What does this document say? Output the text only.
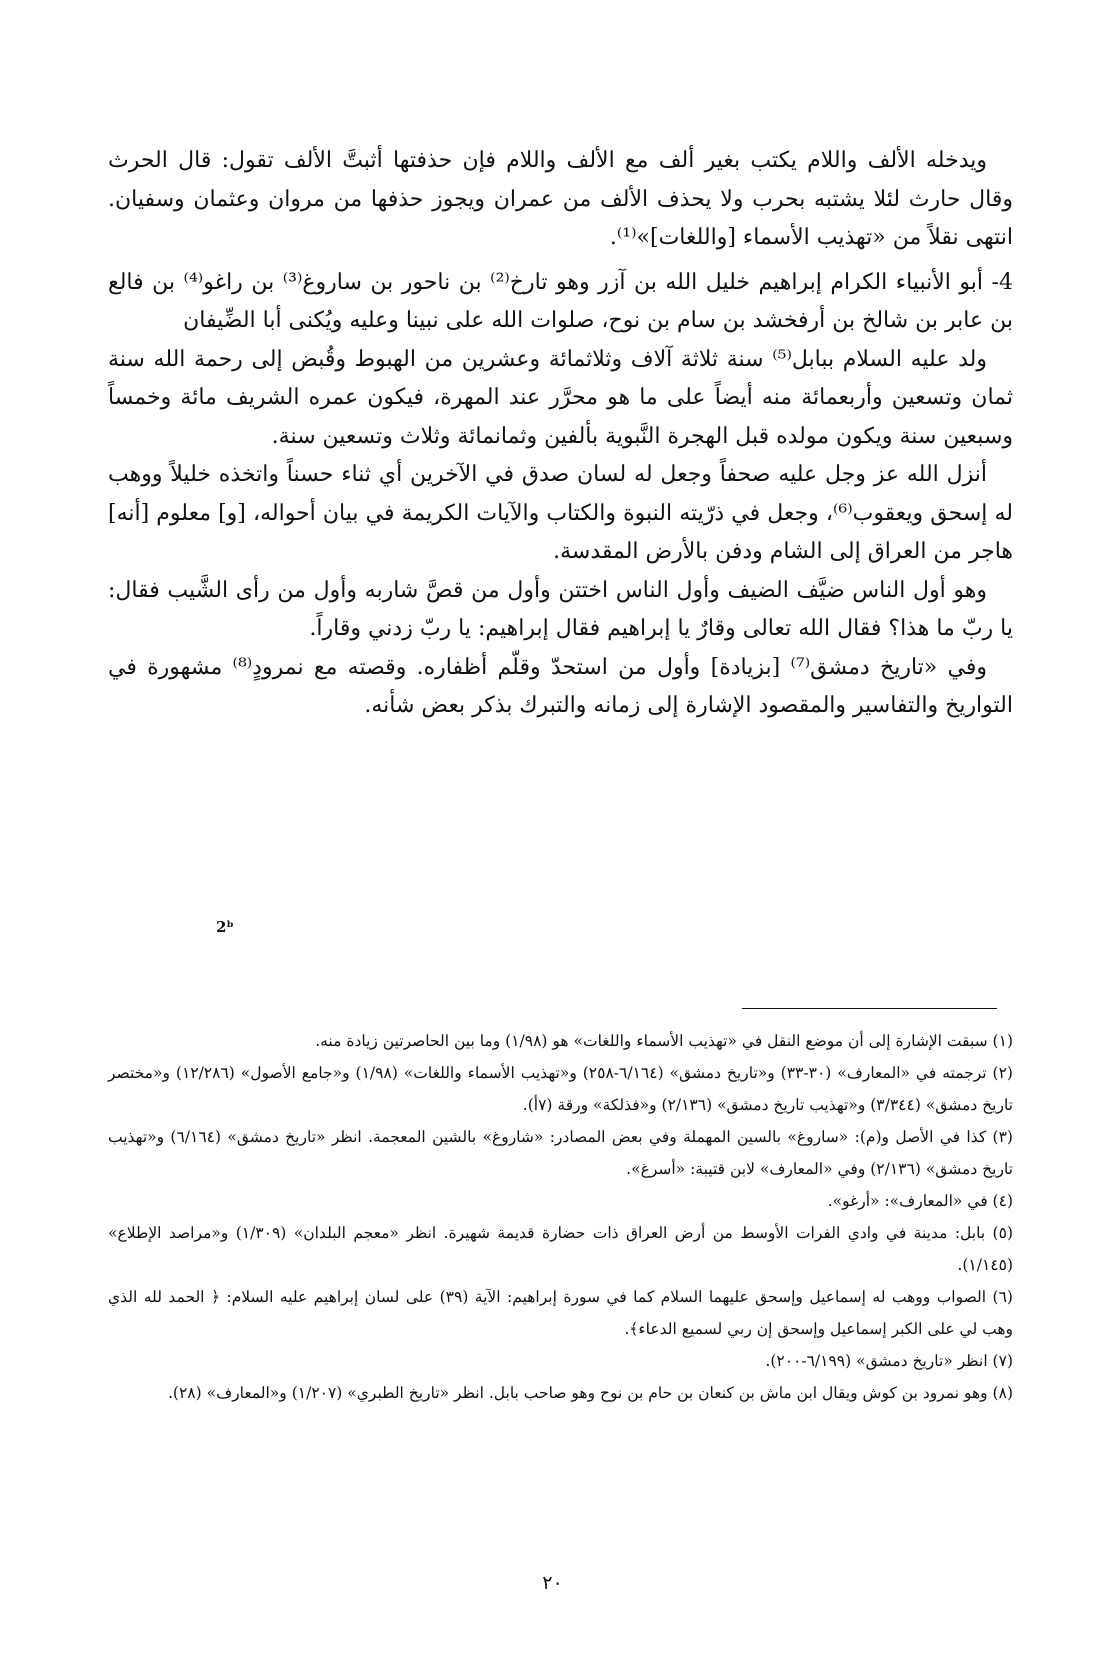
ويدخله الألف واللام يكتب بغير ألف مع الألف واللام فإن حذفتها أثبتَّ الألف تقول: قال الحرث وقال حارث لئلا يشتبه بحرب ولا يحذف الألف من عمران ويجوز حذفها من مروان وعثمان وسفيان. انتهى نقلاً من «تهذيب الأسماء [واللغات]»⁽¹⁾.

4- أبو الأنبياء الكرام إبراهيم خليل الله بن آزر وهو تارخ⁽²⁾ بن ناحور بن ساروغ⁽³⁾ بن راغو⁽⁴⁾ بن فالع بن عابر بن شالخ بن أرفخشد بن سام بن نوح، صلوات الله على نبينا وعليه ويُكنى أبا الضِّيفان

ولد عليه السلام ببابل⁽⁵⁾ سنة ثلاثة آلاف وثلاثمائة وعشرين من الهبوط وقُبض إلى رحمة الله سنة ثمان وتسعين وأربعمائة منه أيضاً على ما هو محرَّر عند المهرة، فيكون عمره الشريف مائة وخمساً وسبعين سنة ويكون مولده قبل الهجرة النَّبوية بألفين وثمانمائة وثلاث وتسعين سنة.

أنزل الله عز وجل عليه صحفاً وجعل له لسان صدق في الآخرين أي ثناء حسناً واتخذه خليلاً ووهب له إسحق ويعقوب⁽⁶⁾، وجعل في ذرّيته النبوة والكتاب والآيات الكريمة في بيان أحواله، [و] معلوم [أنه] هاجر من العراق إلى الشام ودفن بالأرض المقدسة.

وهو أول الناس ضيَّف الضيف وأول الناس اختتن وأول من قصَّ شاربه وأول من رأى الشَّيب فقال: يا ربّ ما هذا؟ فقال الله تعالى وقارٌ يا إبراهيم فقال إبراهيم: يا ربّ زدني وقاراً.

وفي «تاريخ دمشق⁽⁷⁾ [بزيادة] وأول من استحدّ وقلّم أظفاره. وقصته مع نمرودٍ⁽⁸⁾ مشهورة في التواريخ والتفاسير والمقصود الإشارة إلى زمانه والتبرك بذكر بعض شأنه.

2ᵇ

(١) سبقت الإشارة إلى أن موضع النقل في «تهذيب الأسماء واللغات» هو (١/٩٨) وما بين الحاصرتين زيادة منه.

(٢) ترجمته في «المعارف» (٣٠-٣٣) و«تاريخ دمشق» (٦/١٦٤-٢٥٨) و«تهذيب الأسماء واللغات» (١/٩٨) و«جامع الأصول» (١٢/٢٨٦) و«مختصر تاريخ دمشق» (٣/٣٤٤) و«تهذيب تاريخ دمشق» (٢/١٣٦) و«فذلكة» ورقة (٧أ).

(٣) كذا في الأصل و(م): «ساروغ» بالسين المهملة وفي بعض المصادر: «شاروغ» بالشين المعجمة. انظر «تاريخ دمشق» (٦/١٦٤) و«تهذيب تاريخ دمشق» (٢/١٣٦) وفي «المعارف» لابن قتيبة: «أسرغ».

(٤) في «المعارف»: «أرغو».

(٥) بابل: مدينة في وادي الفرات الأوسط من أرض العراق ذات حضارة قديمة شهيرة. انظر «معجم البلدان» (١/٣٠٩) و«مراصد الإطلاع» (١/١٤٥).

(٦) الصواب ووهب له إسماعيل وإسحق عليهما السلام كما في سورة إبراهيم: الآية (٣٩) على لسان إبراهيم عليه السلام: ﴿ الحمد لله الذي وهب لي على الكبر إسماعيل وإسحق إن ربي لسميع الدعاء﴾.

(٧) انظر «تاريخ دمشق» (٦/١٩٩-٢٠٠).

(٨) وهو نمرود بن كوش ويقال ابن ماش بن كنعان بن حام بن نوح وهو صاحب بابل. انظر «تاريخ الطبري» (١/٢٠٧) و«المعارف» (٢٨).

٢٠
